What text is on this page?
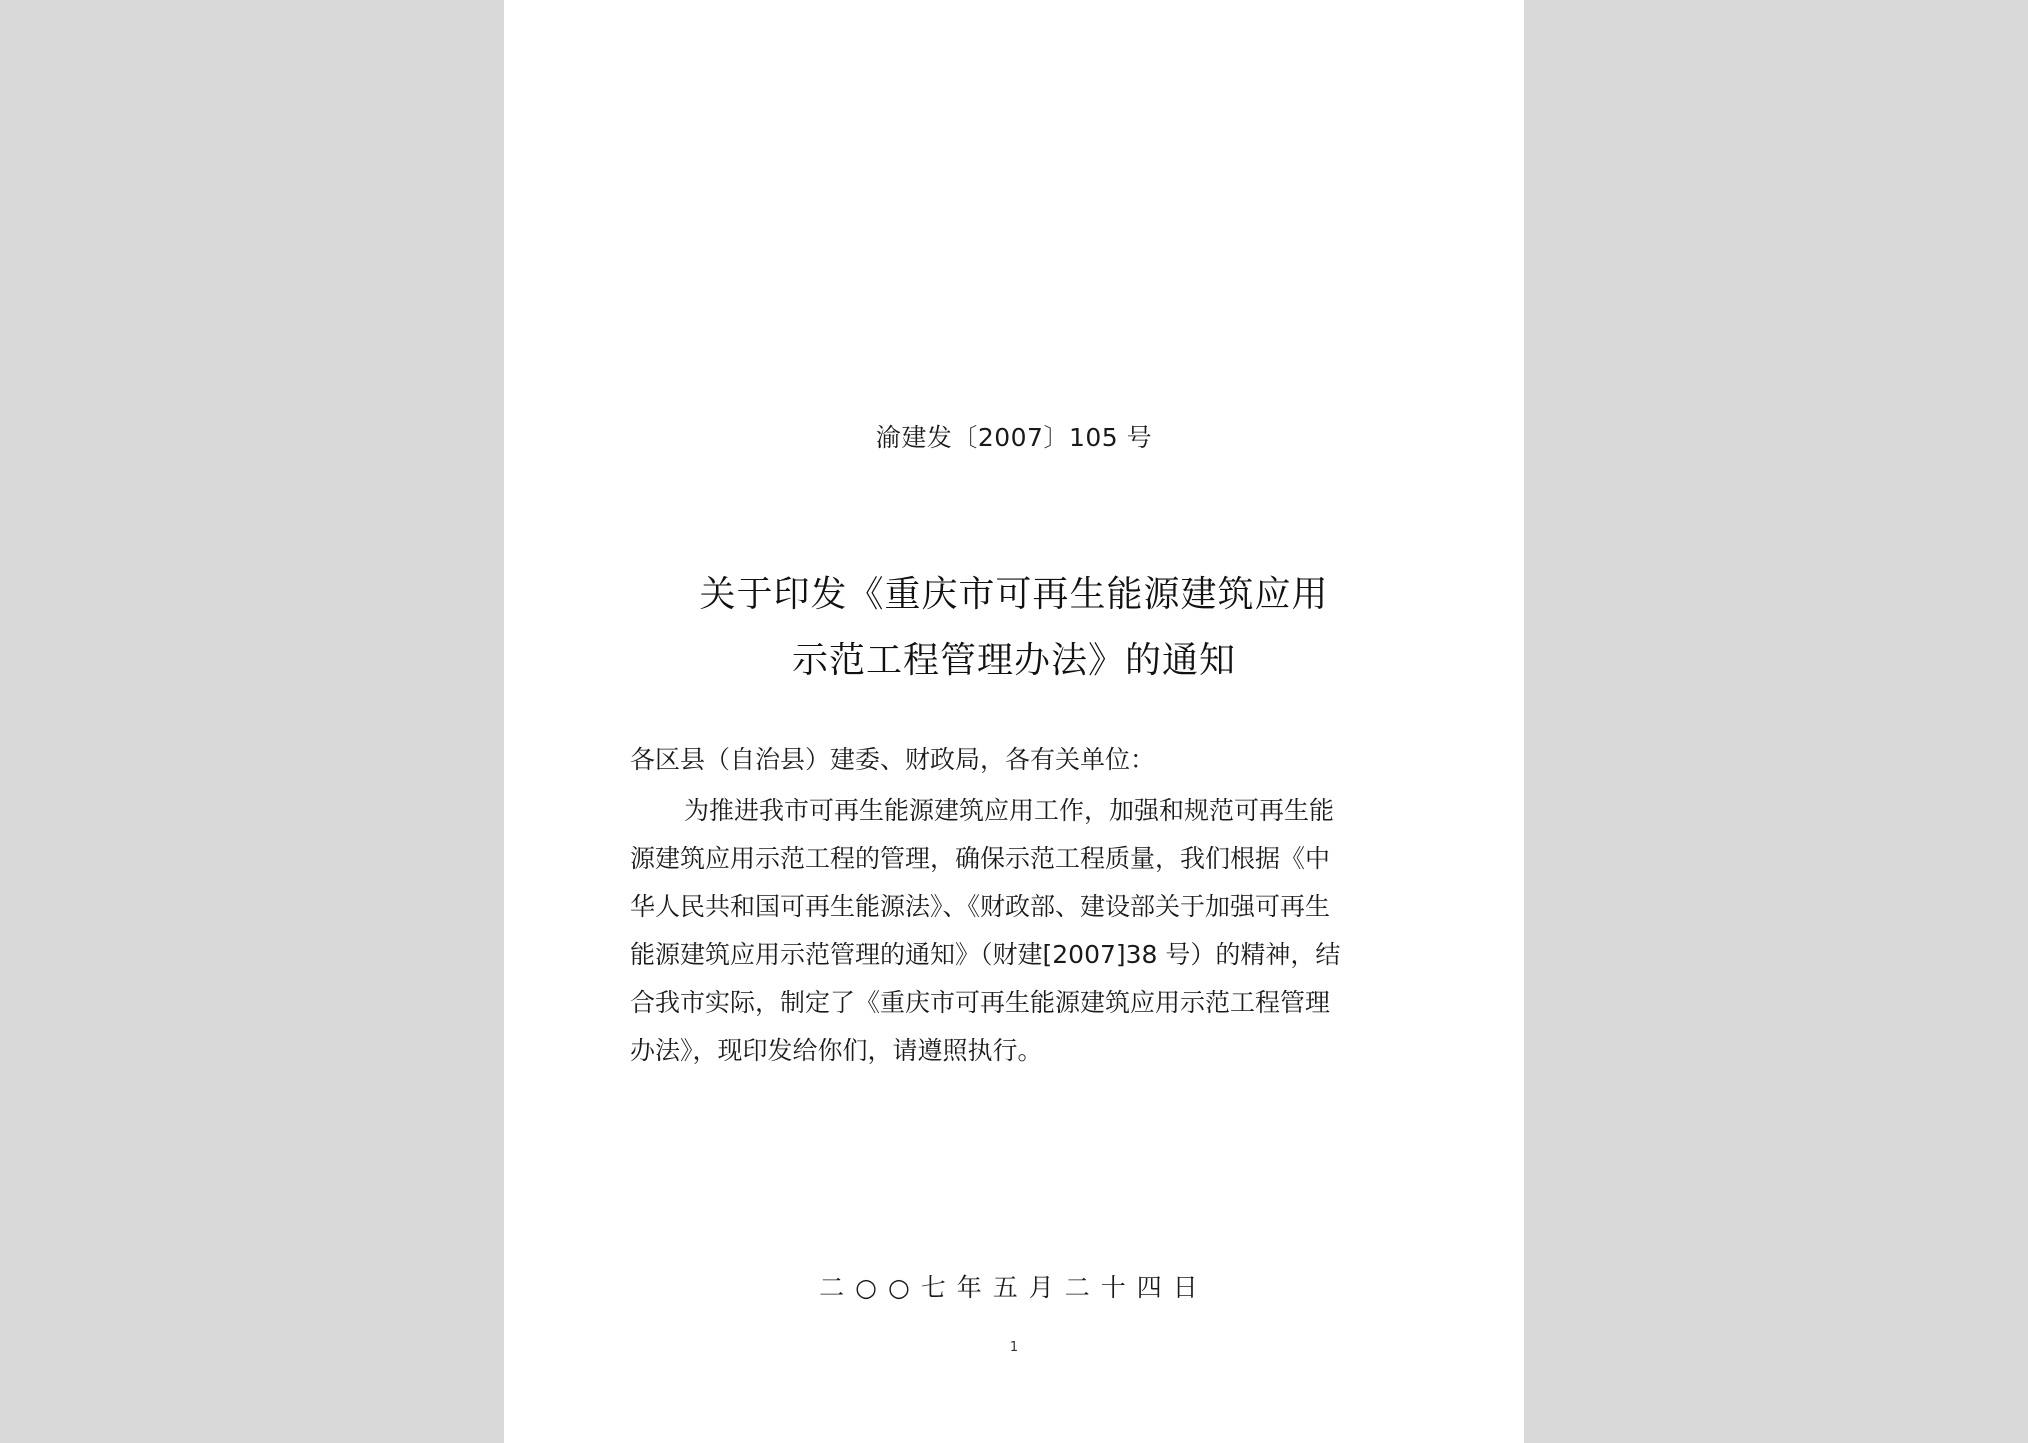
渝建发〔2007〕105 号
关于印发《重庆市可再生能源建筑应用
示范工程管理办法》的通知
各区县（自治县）建委、财政局，各有关单位：
为推进我市可再生能源建筑应用工作，加强和规范可再生能
源建筑应用示范工程的管理，确保示范工程质量，我们根据《中
华人民共和国可再生能源法》、《财政部、建设部关于加强可再生
能源建筑应用示范管理的通知》（财建[2007]38 号）的精神，结
合我市实际，制定了《重庆市可再生能源建筑应用示范工程管理
办法》，现印发给你们，请遵照执行。
二○○七年五月二十四日
1
